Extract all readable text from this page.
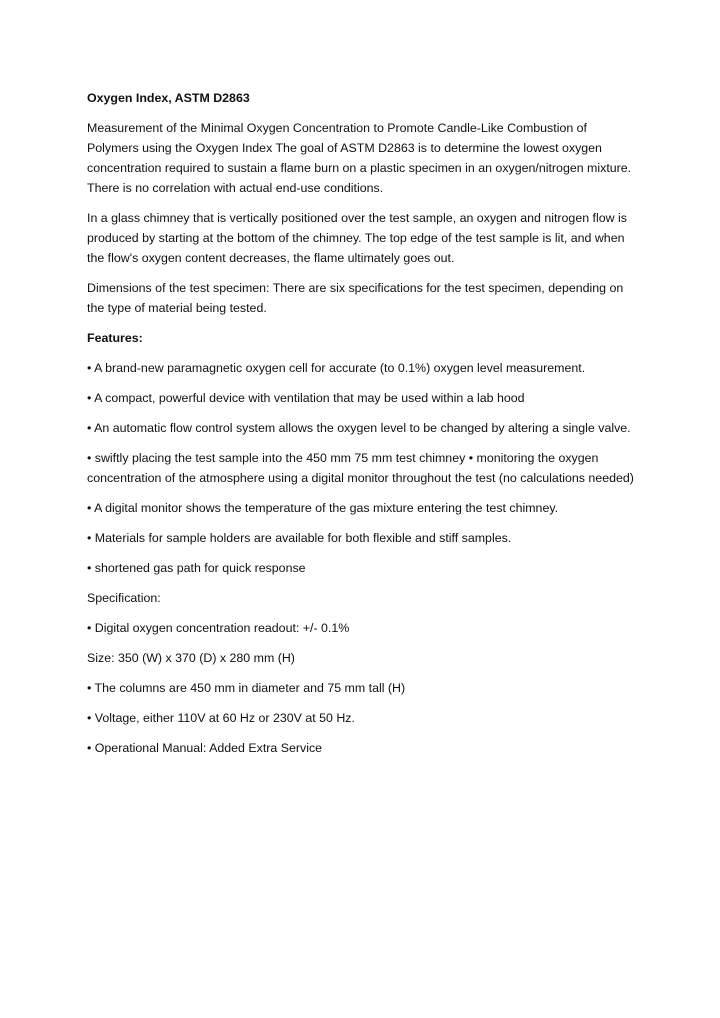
Oxygen Index, ASTM D2863

Measurement of the Minimal Oxygen Concentration to Promote Candle-Like Combustion of Polymers using the Oxygen Index The goal of ASTM D2863 is to determine the lowest oxygen concentration required to sustain a flame burn on a plastic specimen in an oxygen/nitrogen mixture. There is no correlation with actual end-use conditions.

In a glass chimney that is vertically positioned over the test sample, an oxygen and nitrogen flow is produced by starting at the bottom of the chimney. The top edge of the test sample is lit, and when the flow's oxygen content decreases, the flame ultimately goes out.

Dimensions of the test specimen: There are six specifications for the test specimen, depending on the type of material being tested.

Features:

• A brand-new paramagnetic oxygen cell for accurate (to 0.1%) oxygen level measurement.

• A compact, powerful device with ventilation that may be used within a lab hood

• An automatic flow control system allows the oxygen level to be changed by altering a single valve.

• swiftly placing the test sample into the 450 mm 75 mm test chimney • monitoring the oxygen concentration of the atmosphere using a digital monitor throughout the test (no calculations needed)

• A digital monitor shows the temperature of the gas mixture entering the test chimney.

• Materials for sample holders are available for both flexible and stiff samples.

• shortened gas path for quick response

Specification:

• Digital oxygen concentration readout: +/- 0.1%

Size: 350 (W) x 370 (D) x 280 mm (H)

• The columns are 450 mm in diameter and 75 mm tall (H)

• Voltage, either 110V at 60 Hz or 230V at 50 Hz.

• Operational Manual: Added Extra Service
